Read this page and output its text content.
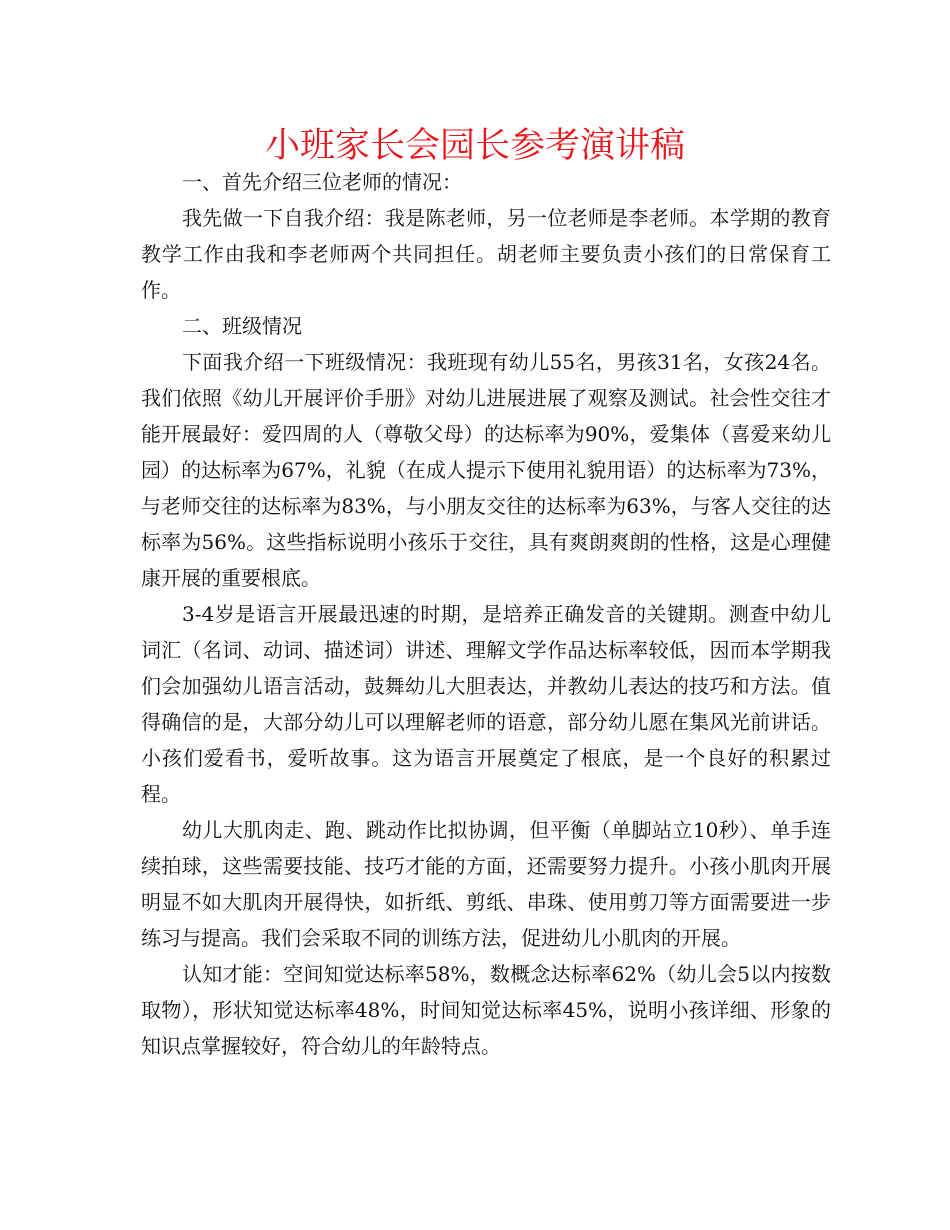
小班家长会园长参考演讲稿

一、首先介绍三位老师的情况：

我先做一下自我介绍：我是陈老师，另一位老师是李老师。本学期的教育教学工作由我和李老师两个共同担任。胡老师主要负责小孩们的日常保育工作。

二、班级情况

下面我介绍一下班级情况：我班现有幼儿55名，男孩31名，女孩24名。我们依照《幼儿开展评价手册》对幼儿进展进展了观察及测试。社会性交往才能开展最好：爱四周的人（尊敬父母）的达标率为90%，爱集体（喜爱来幼儿园）的达标率为67%，礼貌（在成人提示下使用礼貌用语）的达标率为73%，与老师交往的达标率为83%，与小朋友交往的达标率为63%，与客人交往的达标率为56%。这些指标说明小孩乐于交往，具有爽朗爽朗的性格，这是心理健康开展的重要根底。

3-4岁是语言开展最迅速的时期，是培养正确发音的关键期。测查中幼儿词汇（名词、动词、描述词）讲述、理解文学作品达标率较低，因而本学期我们会加强幼儿语言活动，鼓舞幼儿大胆表达，并教幼儿表达的技巧和方法。值得确信的是，大部分幼儿可以理解老师的语意，部分幼儿愿在集风光前讲话。小孩们爱看书，爱听故事。这为语言开展奠定了根底，是一个良好的积累过程。

幼儿大肌肉走、跑、跳动作比拟协调，但平衡（单脚站立10秒）、单手连续拍球，这些需要技能、技巧才能的方面，还需要努力提升。小孩小肌肉开展明显不如大肌肉开展得快，如折纸、剪纸、串珠、使用剪刀等方面需要进一步练习与提高。我们会采取不同的训练方法，促进幼儿小肌肉的开展。

认知才能：空间知觉达标率58%，数概念达标率62%（幼儿会5以内按数取物），形状知觉达标率48%，时间知觉达标率45%，说明小孩详细、形象的知识点掌握较好，符合幼儿的年龄特点。
